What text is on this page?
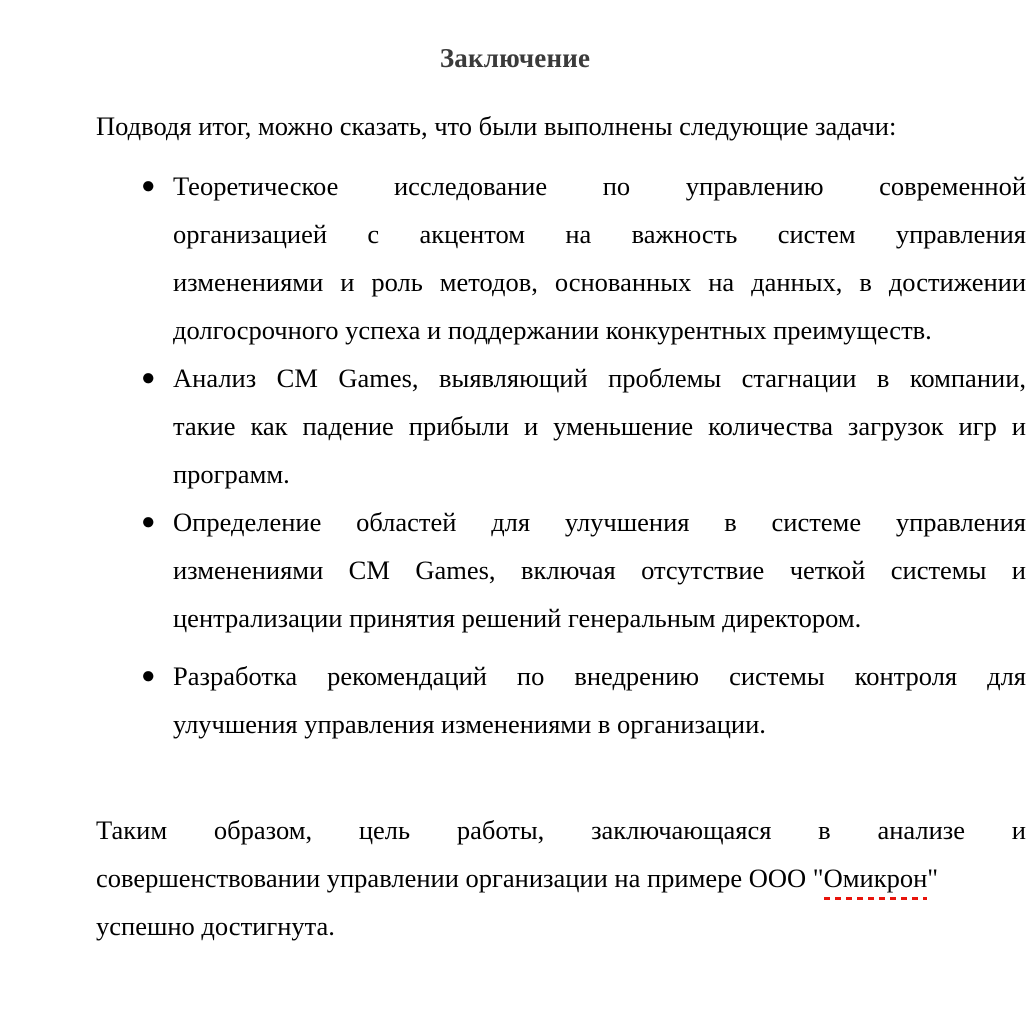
Заключение

Подводя итог, можно сказать, что были выполнены следующие задачи:

● Теоретическое исследование по управлению современной
организацией с акцентом на важность систем управления
изменениями и роль методов, основанных на данных, в достижении
долгосрочного успеха и поддержании конкурентных преимуществ.
● Анализ CM Games, выявляющий проблемы стагнации в компании,
такие как падение прибыли и уменьшение количества загрузок игр и
программ.
● Определение областей для улучшения в системе управления
изменениями CM Games, включая отсутствие четкой системы и
централизации принятия решений генеральным директором.
● Разработка рекомендаций по внедрению системы контроля для
улучшения управления изменениями в организации.

Таким образом, цель работы, заключающаяся в анализе и
совершенствовании управлении организации на примере ООО "Омикрон"
успешно достигнута.
